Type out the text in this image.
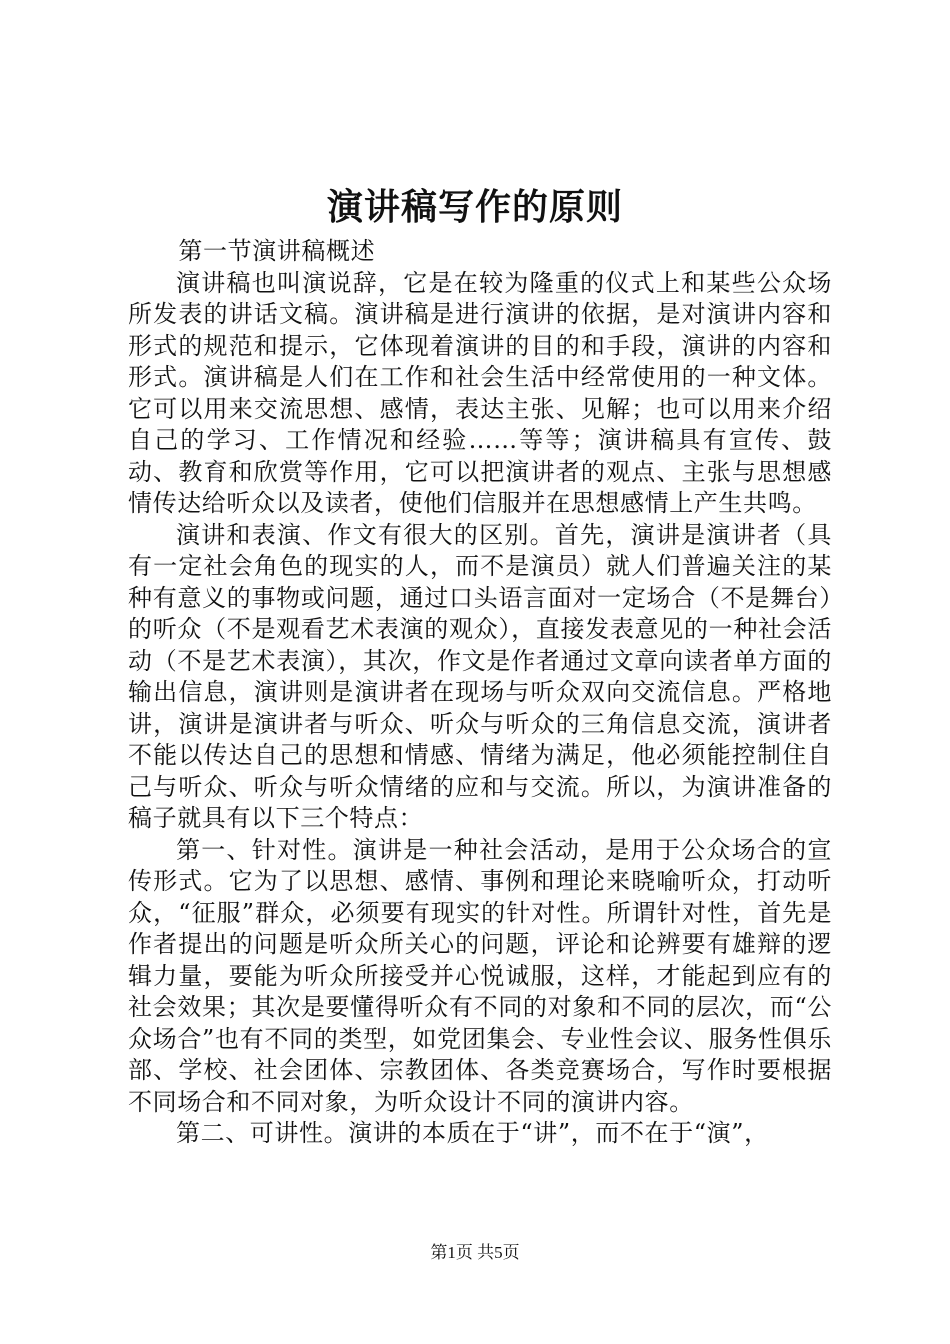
演讲稿写作的原则

第一节演讲稿概述

演讲稿也叫演说辞，它是在较为隆重的仪式上和某些公众场所发表的讲话文稿。演讲稿是进行演讲的依据，是对演讲内容和形式的规范和提示，它体现着演讲的目的和手段，演讲的内容和形式。演讲稿是人们在工作和社会生活中经常使用的一种文体。它可以用来交流思想、感情，表达主张、见解；也可以用来介绍自己的学习、工作情况和经验……等等；演讲稿具有宣传、鼓动、教育和欣赏等作用，它可以把演讲者的观点、主张与思想感情传达给听众以及读者，使他们信服并在思想感情上产生共鸣。

演讲和表演、作文有很大的区别。首先，演讲是演讲者（具有一定社会角色的现实的人，而不是演员）就人们普遍关注的某种有意义的事物或问题，通过口头语言面对一定场合（不是舞台）的听众（不是观看艺术表演的观众），直接发表意见的一种社会活动（不是艺术表演），其次，作文是作者通过文章向读者单方面的输出信息，演讲则是演讲者在现场与听众双向交流信息。严格地讲，演讲是演讲者与听众、听众与听众的三角信息交流，演讲者不能以传达自己的思想和情感、情绪为满足，他必须能控制住自己与听众、听众与听众情绪的应和与交流。所以，为演讲准备的稿子就具有以下三个特点：

第一、针对性。演讲是一种社会活动，是用于公众场合的宣传形式。它为了以思想、感情、事例和理论来晓喻听众，打动听众，“征服”群众，必须要有现实的针对性。所谓针对性，首先是作者提出的问题是听众所关心的问题，评论和论辨要有雄辩的逻辑力量，要能为听众所接受并心悦诚服，这样，才能起到应有的社会效果；其次是要懂得听众有不同的对象和不同的层次，而“公众场合”也有不同的类型，如党团集会、专业性会议、服务性俱乐部、学校、社会团体、宗教团体、各类竞赛场合，写作时要根据不同场合和不同对象，为听众设计不同的演讲内容。

第二、可讲性。演讲的本质在于“讲”，而不在于“演”，

第1页 共5页
